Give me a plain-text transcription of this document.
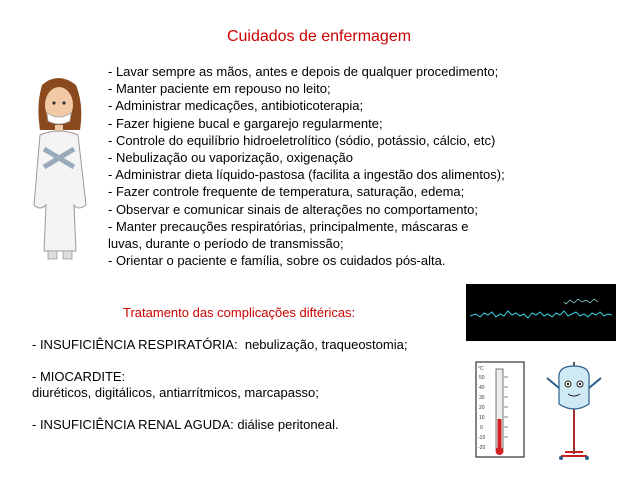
Cuidados de enfermagem
- Lavar sempre as mãos, antes e depois de qualquer procedimento;
- Manter paciente em repouso no leito;
- Administrar medicações, antibioticoterapia;
- Fazer higiene bucal e gargarejo regularmente;
- Controle do equilíbrio hidroeletrolítico (sódio, potássio, cálcio, etc)
- Nebulização ou vaporização, oxigenação
- Administrar dieta líquido-pastosa (facilita a ingestão dos alimentos);
- Fazer controle frequente de temperatura, saturação, edema;
- Observar e comunicar sinais de alterações no comportamento;
- Manter precauções respiratórias, principalmente, máscaras e
luvas, durante o período de transmissão;
- Orientar o paciente e família, sobre os cuidados pós-alta.
Tratamento das complicações diftéricas:
- INSUFICIÊNCIA RESPIRATÓRIA:  nebulização, traqueostomia;
- MIOCARDITE:
diuréticos, digitálicos, antiarrítmicos, marcapasso;
- INSUFICIÊNCIA RENAL AGUDA: diálise peritoneal.
°C
50
40
30
20
10
0
-10
-20
